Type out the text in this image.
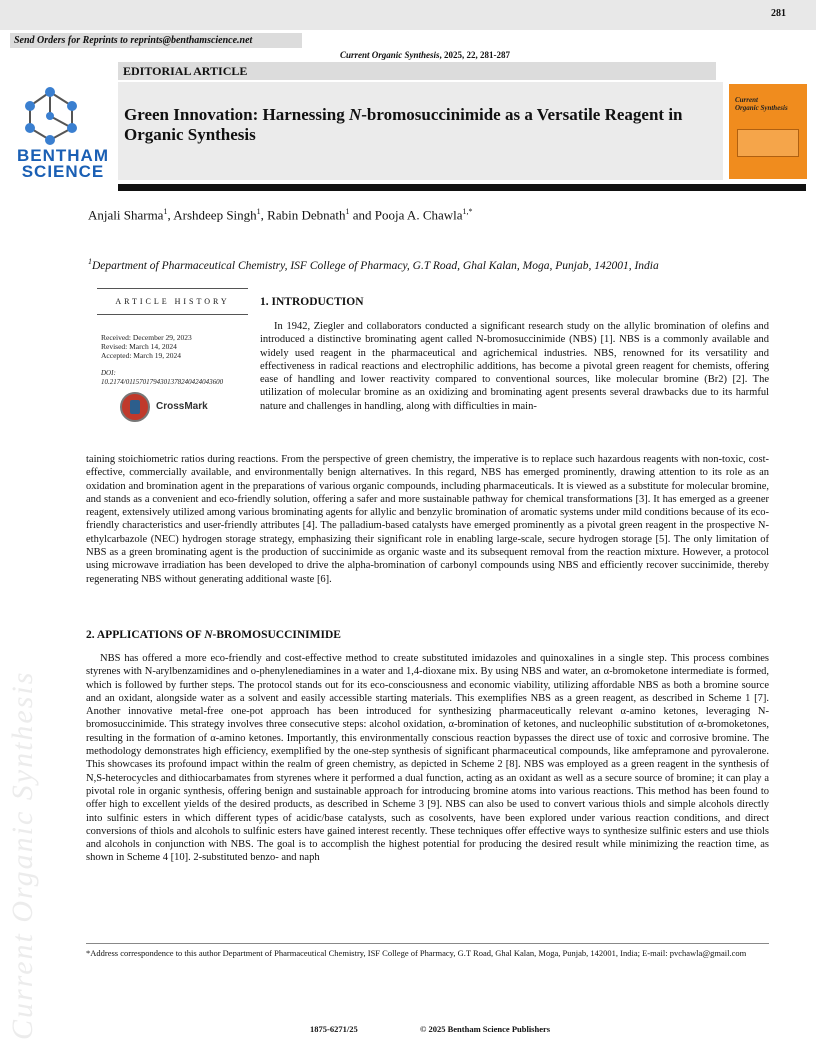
281
Send Orders for Reprints to reprints@benthamscience.net
Current Organic Synthesis, 2025, 22, 281-287
EDITORIAL ARTICLE
Green Innovation: Harnessing N-bromosuccinimide as a Versatile Reagent in Organic Synthesis
BENTHAM
SCIENCE
Current
Organic Synthesis
Anjali Sharma$^1$, Arshdeep Singh$^1$, Rabin Debnath$^1$ and Pooja A. Chawla$^{1,*}$
$^1$Department of Pharmaceutical Chemistry, ISF College of Pharmacy, G.T Road, Ghal Kalan, Moga, Punjab, 142001, India
ARTICLE HISTORY
Received: December 29, 2023
Revised: March 14, 2024
Accepted: March 19, 2024
DOI:
10.2174/0115701794301378240424043600
CrossMark
1. INTRODUCTION
In 1942, Ziegler and collaborators conducted a significant research study on the allylic bromination of olefins and introduced a distinctive brominating agent called N-bromosuccinimide (NBS) [1]. NBS is a commonly available and widely used reagent in the pharmaceutical and agrichemical industries. NBS, renowned for its versatility and effectiveness in radical reactions and electrophilic additions, has become a pivotal green reagent for chemists, offering ease of handling and lower reactivity compared to conventional sources, like molecular bromine (Br2) [2]. The utilization of molecular bromine as an oxidizing and brominating agent presents several drawbacks due to its harmful nature and challenges in handling, along with difficulties in main-
taining stoichiometric ratios during reactions. From the perspective of green chemistry, the imperative is to replace such hazardous reagents with non-toxic, cost-effective, commercially available, and environmentally benign alternatives. In this regard, NBS has emerged prominently, drawing attention to its role as an oxidation and bromination agent in the preparations of various organic compounds, including pharmaceuticals. It is viewed as a substitute for molecular bromine, and stands as a convenient and eco-friendly solution, offering a safer and more sustainable pathway for chemical transformations [3]. It has emerged as a greener reagent, extensively utilized among various brominating agents for allylic and benzylic bromination of aromatic systems under mild conditions because of its eco-friendly characteristics and user-friendly attributes [4]. The palladium-based catalysts have emerged prominently as a pivotal green reagent in the prospective N-ethylcarbazole (NEC) hydrogen storage strategy, emphasizing their significant role in enabling large-scale, secure hydrogen storage [5]. The only limitation of NBS as a green brominating agent is the production of succinimide as organic waste and its subsequent removal from the reaction mixture. However, a protocol using microwave irradiation has been developed to drive the alpha-bromination of carbonyl compounds using NBS and efficiently recover succinimide, thereby regenerating NBS without generating additional waste [6].
2. APPLICATIONS OF N-BROMOSUCCINIMIDE
NBS has offered a more eco-friendly and cost-effective method to create substituted imidazoles and quinoxalines in a single step. This process combines styrenes with N-arylbenzamidines and o-phenylenediamines in a water and 1,4-dioxane mix. By using NBS and water, an α-bromoketone intermediate is formed, which is followed by further steps. The protocol stands out for its eco-consciousness and economic viability, utilizing affordable NBS as both a bromine source and an oxidant, alongside water as a solvent and easily accessible starting materials. This exemplifies NBS as a green reagent, as described in Scheme 1 [7]. Another innovative metal-free one-pot approach has been introduced for synthesizing pharmaceutically relevant α-amino ketones, leveraging N-bromosuccinimide. This strategy involves three consecutive steps: alcohol oxidation, α-bromination of ketones, and nucleophilic substitution of α-bromoketones, resulting in the formation of α-amino ketones. Importantly, this environmentally conscious reaction bypasses the direct use of toxic and corrosive bromine. The methodology demonstrates high efficiency, exemplified by the one-step synthesis of significant pharmaceutical compounds, like amfepramone and pyrovalerone. This showcases its profound impact within the realm of green chemistry, as depicted in Scheme 2 [8]. NBS was employed as a green reagent in the synthesis of N,S-heterocycles and dithiocarbamates from styrenes where it performed a dual function, acting as an oxidant as well as a secure source of bromine; it can play a pivotal role in organic synthesis, offering benign and sustainable approach for introducing bromine atoms into various reactions. This method has been found to offer high to excellent yields of the desired products, as described in Scheme 3 [9]. NBS can also be used to convert various thiols and simple alcohols directly into sulfinic esters in which different types of acidic/base catalysts, such as cosolvents, have been explored under various reaction conditions, and direct conversions of thiols and alcohols to sulfinic esters have gained interest recently. These techniques offer effective ways to synthesize sulfinic esters and use thiols and alcohols in conjunction with NBS. The goal is to accomplish the highest potential for producing the desired result while minimizing the reaction time, as shown in Scheme 4 [10]. 2-substituted benzo- and naph
*Address correspondence to this author Department of Pharmaceutical Chemistry, ISF College of Pharmacy, G.T Road, Ghal Kalan, Moga, Punjab, 142001, India; E-mail: pvchawla@gmail.com
1875-6271/25	© 2025 Bentham Science Publishers
Current Organic Synthesis
